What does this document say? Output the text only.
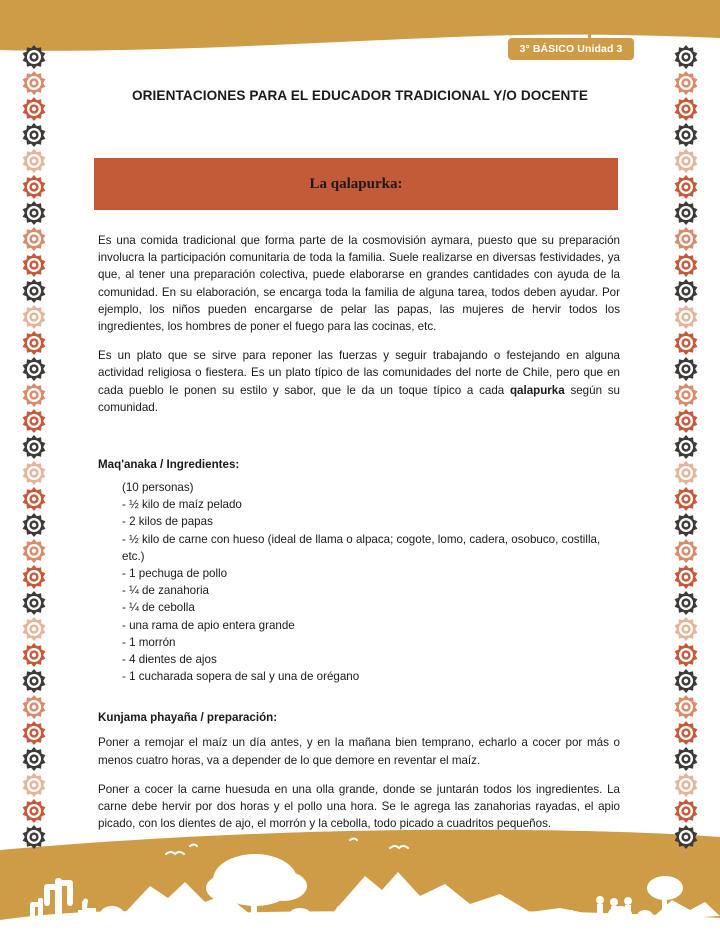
3° BÁSICO Unidad 3
ORIENTACIONES PARA EL EDUCADOR TRADICIONAL Y/O DOCENTE
La qalapurka:

Es una comida tradicional que forma parte de la cosmovisión aymara, puesto que su preparación involucra la participación comunitaria de toda la familia. Suele realizarse en diversas festividades, ya que, al tener una preparación colectiva, puede elaborarse en grandes cantidades con ayuda de la comunidad. En su elaboración, se encarga toda la familia de alguna tarea, todos deben ayudar. Por ejemplo, los niños pueden encargarse de pelar las papas, las mujeres de hervir todos los ingredientes, los hombres de poner el fuego para las cocinas, etc.

Es un plato que se sirve para reponer las fuerzas y seguir trabajando o festejando en alguna actividad religiosa o fiestera. Es un plato típico de las comunidades del norte de Chile, pero que en cada pueblo le ponen su estilo y sabor, que le da un toque típico a cada qalapurka según su comunidad.

Maq'anaka / Ingredientes:
(10 personas)
- ½ kilo de maíz pelado
- 2 kilos de papas
- ½ kilo de carne con hueso (ideal de llama o alpaca; cogote, lomo, cadera, osobuco, costilla, etc.)
- 1 pechuga de pollo
- ¼ de zanahoria
- ¼ de cebolla
- una rama de apio entera grande
- 1 morrón
- 4 dientes de ajos
- 1 cucharada sopera de sal y una de orégano
Kunjama phayaña / preparación:

Poner a remojar el maíz un día antes, y en la mañana bien temprano, echarlo a cocer por más o menos cuatro horas, va a depender de lo que demore en reventar el maíz.

Poner a cocer la carne huesuda en una olla grande, donde se juntarán todos los ingredientes. La carne debe hervir por dos horas y el pollo una hora. Se le agrega las zanahorias rayadas, el apio picado, con los dientes de ajo, el morrón y la cebolla, todo picado a cuadritos pequeños.
